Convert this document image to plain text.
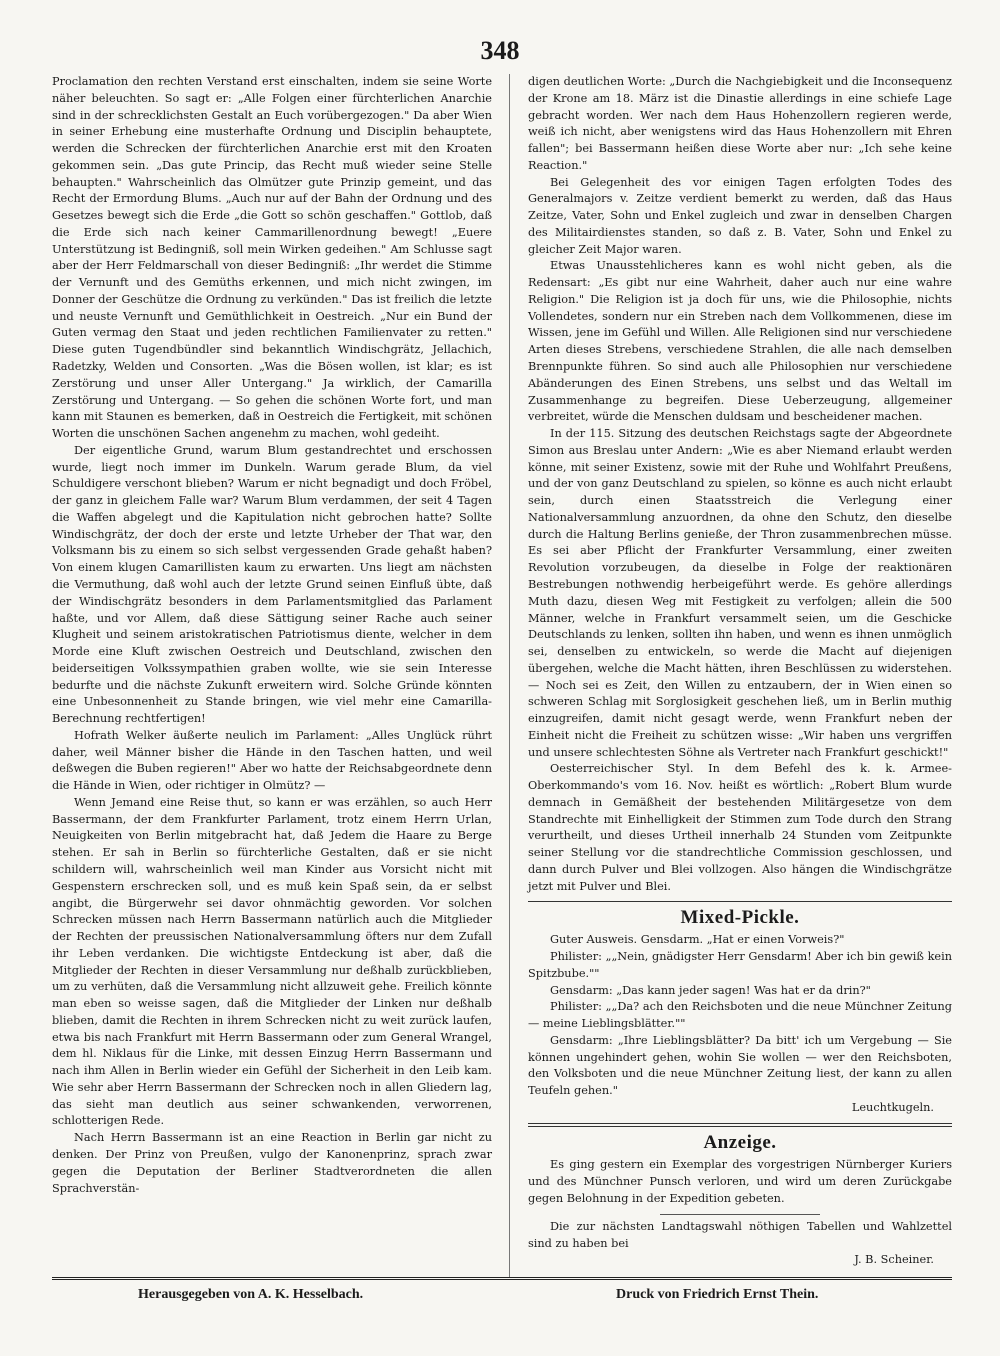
348

Proclamation den rechten Verstand erst einschalten, indem sie seine Worte näher beleuchten. So sagt er: „Alle Folgen einer fürchterlichen Anarchie sind in der schrecklichsten Gestalt an Euch vorübergezogen." Da aber Wien in seiner Erhebung eine musterhafte Ordnung und Disciplin behauptete, werden die Schrecken der fürchterlichen Anarchie erst mit den Kroaten gekommen sein. „Das gute Princip, das Recht muß wieder seine Stelle behaupten." Wahrscheinlich das Olmützer gute Prinzip gemeint, und das Recht der Ermordung Blums. „Auch nur auf der Bahn der Ordnung und des Gesetzes bewegt sich die Erde „die Gott so schön geschaffen." Gottlob, daß die Erde sich nach keiner Cammarillenordnung bewegt! „Euere Unterstützung ist Bedingniß, soll mein Wirken gedeihen." Am Schlusse sagt aber der Herr Feldmarschall von dieser Bedingniß: „Ihr werdet die Stimme der Vernunft und des Gemüths erkennen, und mich nicht zwingen, im Donner der Geschütze die Ordnung zu verkünden." Das ist freilich die letzte und neuste Vernunft und Gemüthlichkeit in Oestreich. „Nur ein Bund der Guten vermag den Staat und jeden rechtlichen Familienvater zu retten." Diese guten Tugendbündler sind bekanntlich Windischgrätz, Jellachich, Radetzky, Welden und Consorten. „Was die Bösen wollen, ist klar; es ist Zerstörung und unser Aller Untergang." Ja wirklich, der Camarilla Zerstörung und Untergang. — So gehen die schönen Worte fort, und man kann mit Staunen es bemerken, daß in Oestreich die Fertigkeit, mit schönen Worten die unschönen Sachen angenehm zu machen, wohl gedeiht.

Der eigentliche Grund, warum Blum gestandrechtet und erschossen wurde, liegt noch immer im Dunkeln. Warum gerade Blum, da viel Schuldigere verschont blieben? Warum er nicht begnadigt und doch Fröbel, der ganz in gleichem Falle war? Warum Blum verdammen, der seit 4 Tagen die Waffen abgelegt und die Kapitulation nicht gebrochen hatte? Sollte Windischgrätz, der doch der erste und letzte Urheber der That war, den Volksmann bis zu einem so sich selbst vergessenden Grade gehaßt haben? Von einem klugen Camarillisten kaum zu erwarten. Uns liegt am nächsten die Vermuthung, daß wohl auch der letzte Grund seinen Einfluß übte, daß der Windischgrätz besonders in dem Parlamentsmitglied das Parlament haßte, und vor Allem, daß diese Sättigung seiner Rache auch seiner Klugheit und seinem aristokratischen Patriotismus diente, welcher in dem Morde eine Kluft zwischen Oestreich und Deutschland, zwischen den beiderseitigen Volkssympathien graben wollte, wie sie sein Interesse bedurfte und die nächste Zukunft erweitern wird. Solche Gründe könnten eine Unbesonnenheit zu Stande bringen, wie viel mehr eine Camarilla-Berechnung rechtfertigen!

Hofrath Welker äußerte neulich im Parlament: „Alles Unglück rührt daher, weil Männer bisher die Hände in den Taschen hatten, und weil deßwegen die Buben regieren!" Aber wo hatte der Reichsabgeordnete denn die Hände in Wien, oder richtiger in Olmütz? —

Wenn Jemand eine Reise thut, so kann er was erzählen, so auch Herr Bassermann, der dem Frankfurter Parlament, trotz einem Herrn Urlan, Neuigkeiten von Berlin mitgebracht hat, daß Jedem die Haare zu Berge stehen. Er sah in Berlin so fürchterliche Gestalten, daß er sie nicht schildern will, wahrscheinlich weil man Kinder aus Vorsicht nicht mit Gespenstern erschrecken soll, und es muß kein Spaß sein, da er selbst angibt, die Bürgerwehr sei davor ohnmächtig geworden. Vor solchen Schrecken müssen nach Herrn Bassermann natürlich auch die Mitglieder der Rechten der preussischen Nationalversammlung öfters nur dem Zufall ihr Leben verdanken. Die wichtigste Entdeckung ist aber, daß die Mitglieder der Rechten in dieser Versammlung nur deßhalb zurückblieben, um zu verhüten, daß die Versammlung nicht allzuweit gehe. Freilich könnte man eben so weisse sagen, daß die Mitglieder der Linken nur deßhalb blieben, damit die Rechten in ihrem Schrecken nicht zu weit zurück laufen, etwa bis nach Frankfurt mit Herrn Bassermann oder zum General Wrangel, dem hl. Niklaus für die Linke, mit dessen Einzug Herrn Bassermann und nach ihm Allen in Berlin wieder ein Gefühl der Sicherheit in den Leib kam. Wie sehr aber Herrn Bassermann der Schrecken noch in allen Gliedern lag, das sieht man deutlich aus seiner schwankenden, verworrenen, schlotterigen Rede.

Nach Herrn Bassermann ist an eine Reaction in Berlin gar nicht zu denken. Der Prinz von Preußen, vulgo der Kanonenprinz, sprach zwar gegen die Deputation der Berliner Stadtverordneten die allen Sprachverstän-

digen deutlichen Worte: „Durch die Nachgiebigkeit und die Inconsequenz der Krone am 18. März ist die Dinastie allerdings in eine schiefe Lage gebracht worden. Wer nach dem Haus Hohenzollern regieren werde, weiß ich nicht, aber wenigstens wird das Haus Hohenzollern mit Ehren fallen"; bei Bassermann heißen diese Worte aber nur: „Ich sehe keine Reaction."

Bei Gelegenheit des vor einigen Tagen erfolgten Todes des Generalmajors v. Zeitze verdient bemerkt zu werden, daß das Haus Zeitze, Vater, Sohn und Enkel zugleich und zwar in denselben Chargen des Militairdienstes standen, so daß z. B. Vater, Sohn und Enkel zu gleicher Zeit Major waren.

Etwas Unausstehlicheres kann es wohl nicht geben, als die Redensart: „Es gibt nur eine Wahrheit, daher auch nur eine wahre Religion." Die Religion ist ja doch für uns, wie die Philosophie, nichts Vollendetes, sondern nur ein Streben nach dem Vollkommenen, diese im Wissen, jene im Gefühl und Willen. Alle Religionen sind nur verschiedene Arten dieses Strebens, verschiedene Strahlen, die alle nach demselben Brennpunkte führen. So sind auch alle Philosophien nur verschiedene Abänderungen des Einen Strebens, uns selbst und das Weltall im Zusammenhange zu begreifen. Diese Ueberzeugung, allgemeiner verbreitet, würde die Menschen duldsam und bescheidener machen.

In der 115. Sitzung des deutschen Reichstags sagte der Abgeordnete Simon aus Breslau unter Andern: „Wie es aber Niemand erlaubt werden könne, mit seiner Existenz, sowie mit der Ruhe und Wohlfahrt Preußens, und der von ganz Deutschland zu spielen, so könne es auch nicht erlaubt sein, durch einen Staatsstreich die Verlegung einer Nationalversammlung anzuordnen, da ohne den Schutz, den dieselbe durch die Haltung Berlins genieße, der Thron zusammenbrechen müsse. Es sei aber Pflicht der Frankfurter Versammlung, einer zweiten Revolution vorzubeugen, da dieselbe in Folge der reaktionären Bestrebungen nothwendig herbeigeführt werde. Es gehöre allerdings Muth dazu, diesen Weg mit Festigkeit zu verfolgen; allein die 500 Männer, welche in Frankfurt versammelt seien, um die Geschicke Deutschlands zu lenken, sollten ihn haben, und wenn es ihnen unmöglich sei, denselben zu entwickeln, so werde die Macht auf diejenigen übergehen, welche die Macht hätten, ihren Beschlüssen zu widerstehen. — Noch sei es Zeit, den Willen zu entzaubern, der in Wien einen so schweren Schlag mit Sorglosigkeit geschehen ließ, um in Berlin muthig einzugreifen, damit nicht gesagt werde, wenn Frankfurt neben der Einheit nicht die Freiheit zu schützen wisse: „Wir haben uns vergriffen und unsere schlechtesten Söhne als Vertreter nach Frankfurt geschickt!"

Oesterreichischer Styl. In dem Befehl des k. k. Armee-Oberkommando's vom 16. Nov. heißt es wörtlich: „Robert Blum wurde demnach in Gemäßheit der bestehenden Militärgesetze von dem Standrechte mit Einhelligkeit der Stimmen zum Tode durch den Strang verurtheilt, und dieses Urtheil innerhalb 24 Stunden vom Zeitpunkte seiner Stellung vor die standrechtliche Commission geschlossen, und dann durch Pulver und Blei vollzogen. Also hängen die Windischgrätze jetzt mit Pulver und Blei.

Mixed-Pickle.

Guter Ausweis. Gensdarm. „Hat er einen Vorweis?"

Philister: „„Nein, gnädigster Herr Gensdarm! Aber ich bin gewiß kein Spitzbube.""

Gensdarm: „Das kann jeder sagen! Was hat er da drin?"

Philister: „„Da? ach den Reichsboten und die neue Münchner Zeitung — meine Lieblingsblätter.""

Gensdarm: „Ihre Lieblingsblätter? Da bitt' ich um Vergebung — Sie können ungehindert gehen, wohin Sie wollen — wer den Reichsboten, den Volksboten und die neue Münchner Zeitung liest, der kann zu allen Teufeln gehen."

Leuchtkugeln.

Anzeige.

Es ging gestern ein Exemplar des vorgestrigen Nürnberger Kuriers und des Münchner Punsch verloren, und wird um deren Zurückgabe gegen Belohnung in der Expedition gebeten.

Die zur nächsten Landtagswahl nöthigen Tabellen und Wahlzettel sind zu haben bei

J. B. Scheiner.

Herausgegeben von A. K. Hesselbach.	Druck von Friedrich Ernst Thein.
